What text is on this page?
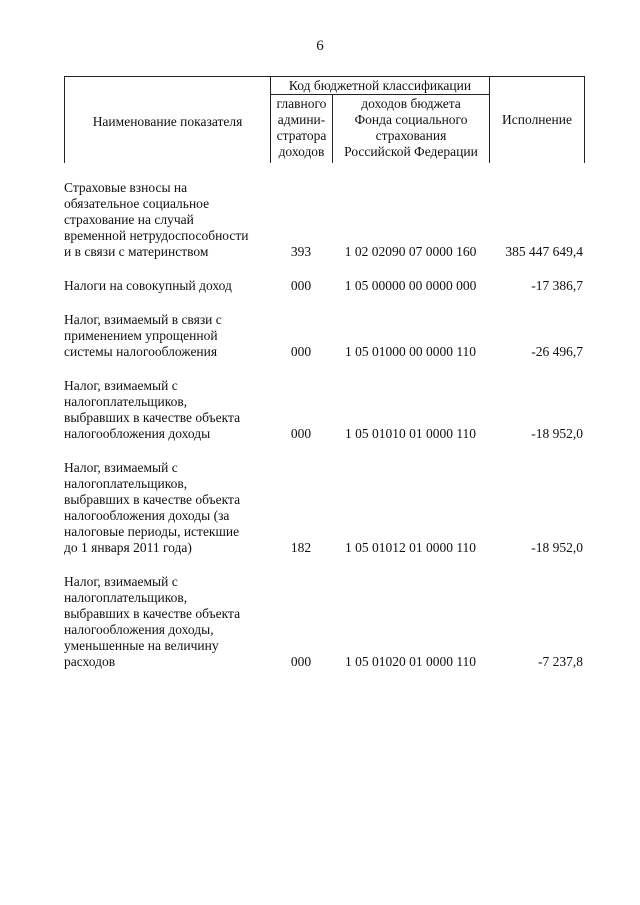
6
Наименование показателя
Код бюджетной классификации
главного
админи-
стратора
доходов
доходов бюджета
Фонда социального
страхования
Российской Федерации
Исполнение
Страховые взносы на
обязательное социальное
страхование на случай
временной нетрудоспособности
и в связи с материнством	393	1 02 02090 07 0000 160	385 447 649,4
Налоги на совокупный доход	000	1 05 00000 00 0000 000	-17 386,7
Налог, взимаемый в связи с
применением упрощенной
системы налогообложения	000	1 05 01000 00 0000 110	-26 496,7
Налог, взимаемый с
налогоплательщиков,
выбравших в качестве объекта
налогообложения доходы	000	1 05 01010 01 0000 110	-18 952,0
Налог, взимаемый с
налогоплательщиков,
выбравших в качестве объекта
налогообложения доходы (за
налоговые периоды, истекшие
до 1 января 2011 года)	182	1 05 01012 01 0000 110	-18 952,0
Налог, взимаемый с
налогоплательщиков,
выбравших в качестве объекта
налогообложения доходы,
уменьшенные на величину
расходов	000	1 05 01020 01 0000 110	-7 237,8
